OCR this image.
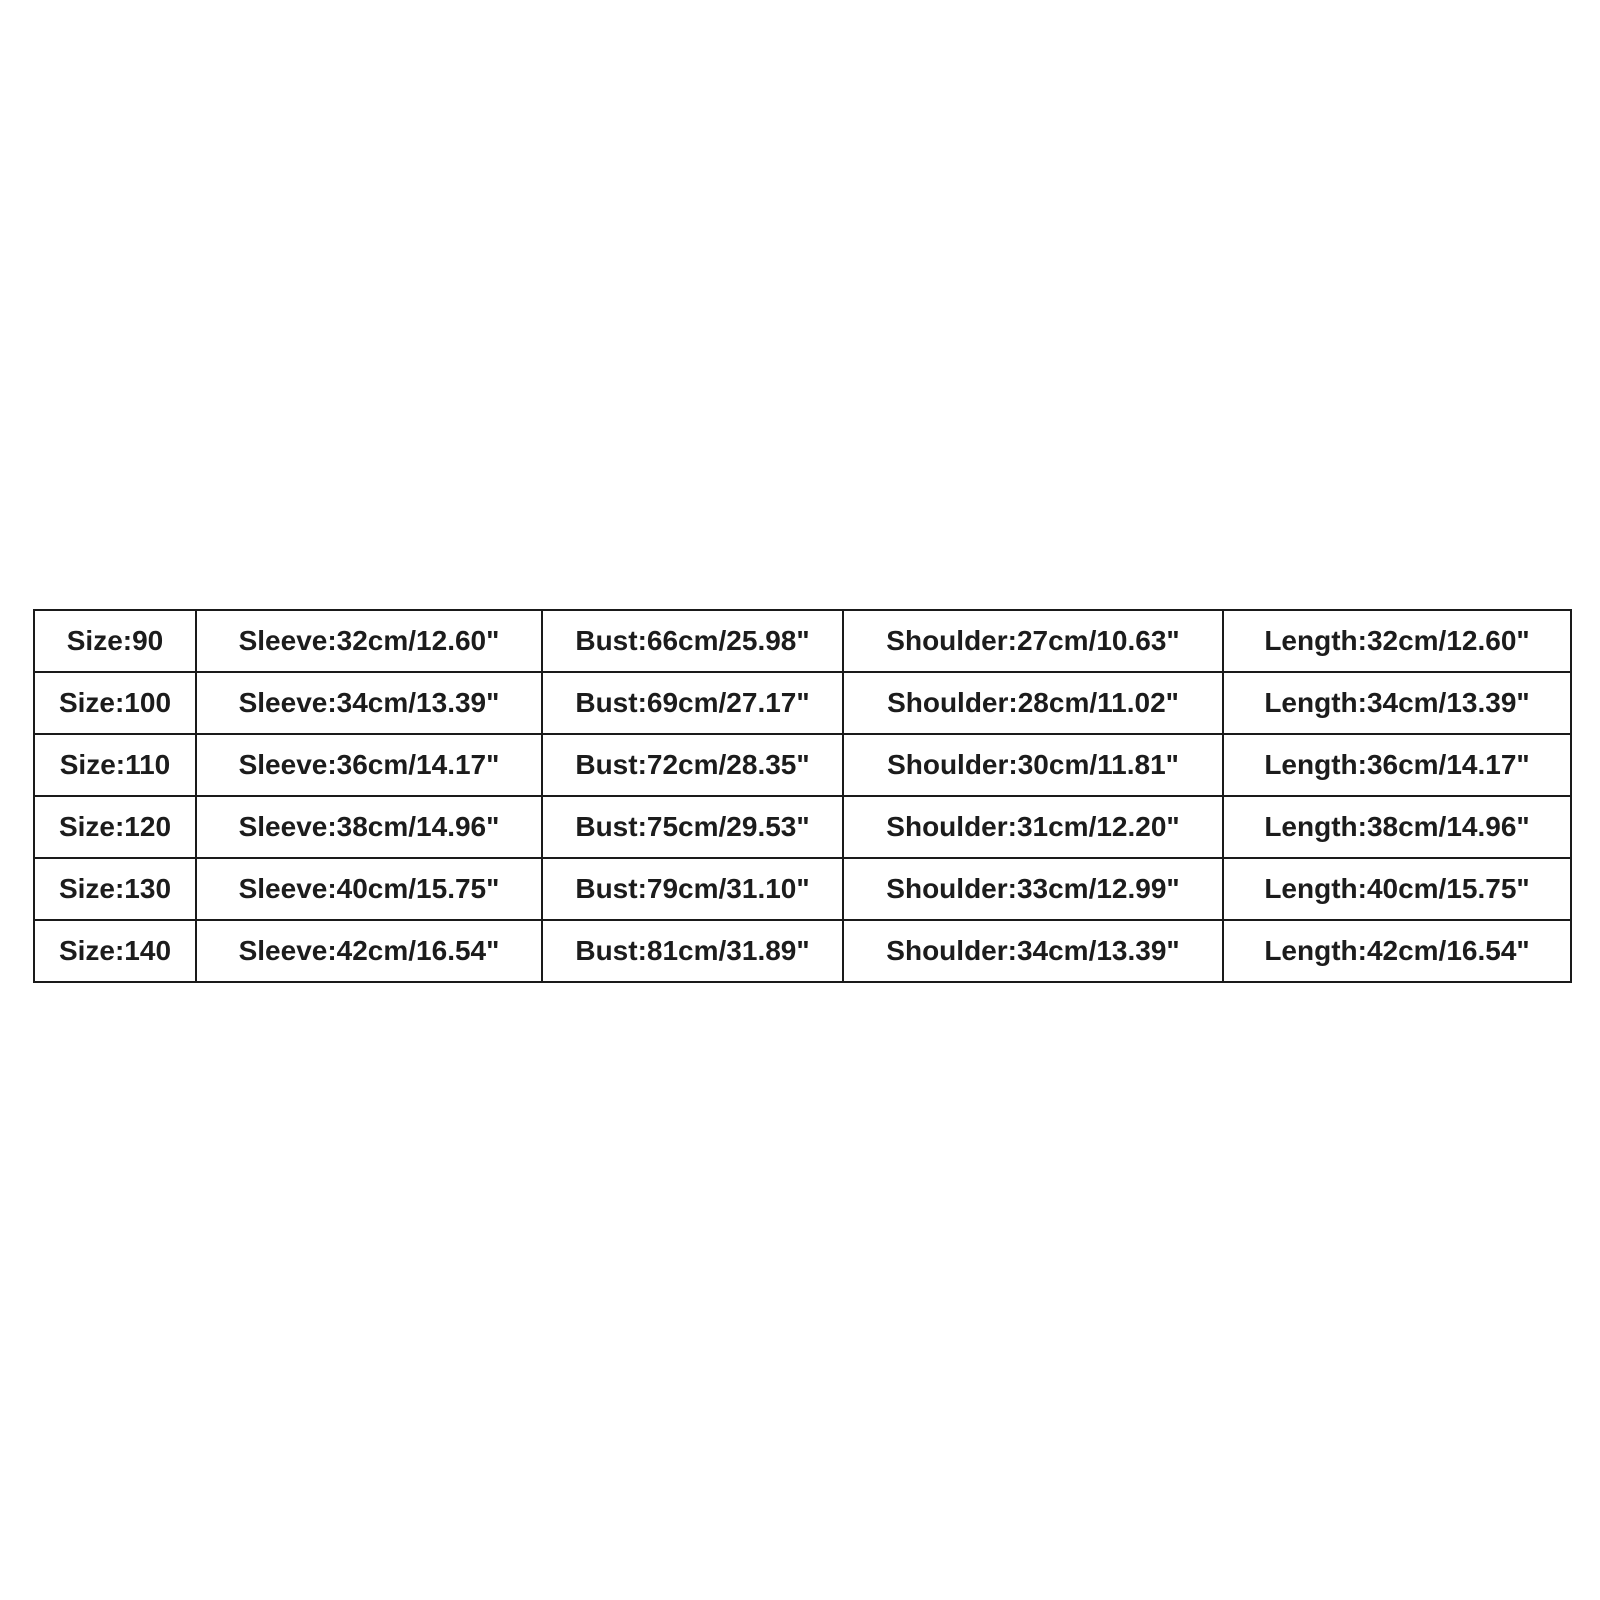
Size:90	Sleeve:32cm/12.60"	Bust:66cm/25.98"	Shoulder:27cm/10.63"	Length:32cm/12.60"
Size:100	Sleeve:34cm/13.39"	Bust:69cm/27.17"	Shoulder:28cm/11.02"	Length:34cm/13.39"
Size:110	Sleeve:36cm/14.17"	Bust:72cm/28.35"	Shoulder:30cm/11.81"	Length:36cm/14.17"
Size:120	Sleeve:38cm/14.96"	Bust:75cm/29.53"	Shoulder:31cm/12.20"	Length:38cm/14.96"
Size:130	Sleeve:40cm/15.75"	Bust:79cm/31.10"	Shoulder:33cm/12.99"	Length:40cm/15.75"
Size:140	Sleeve:42cm/16.54"	Bust:81cm/31.89"	Shoulder:34cm/13.39"	Length:42cm/16.54"
